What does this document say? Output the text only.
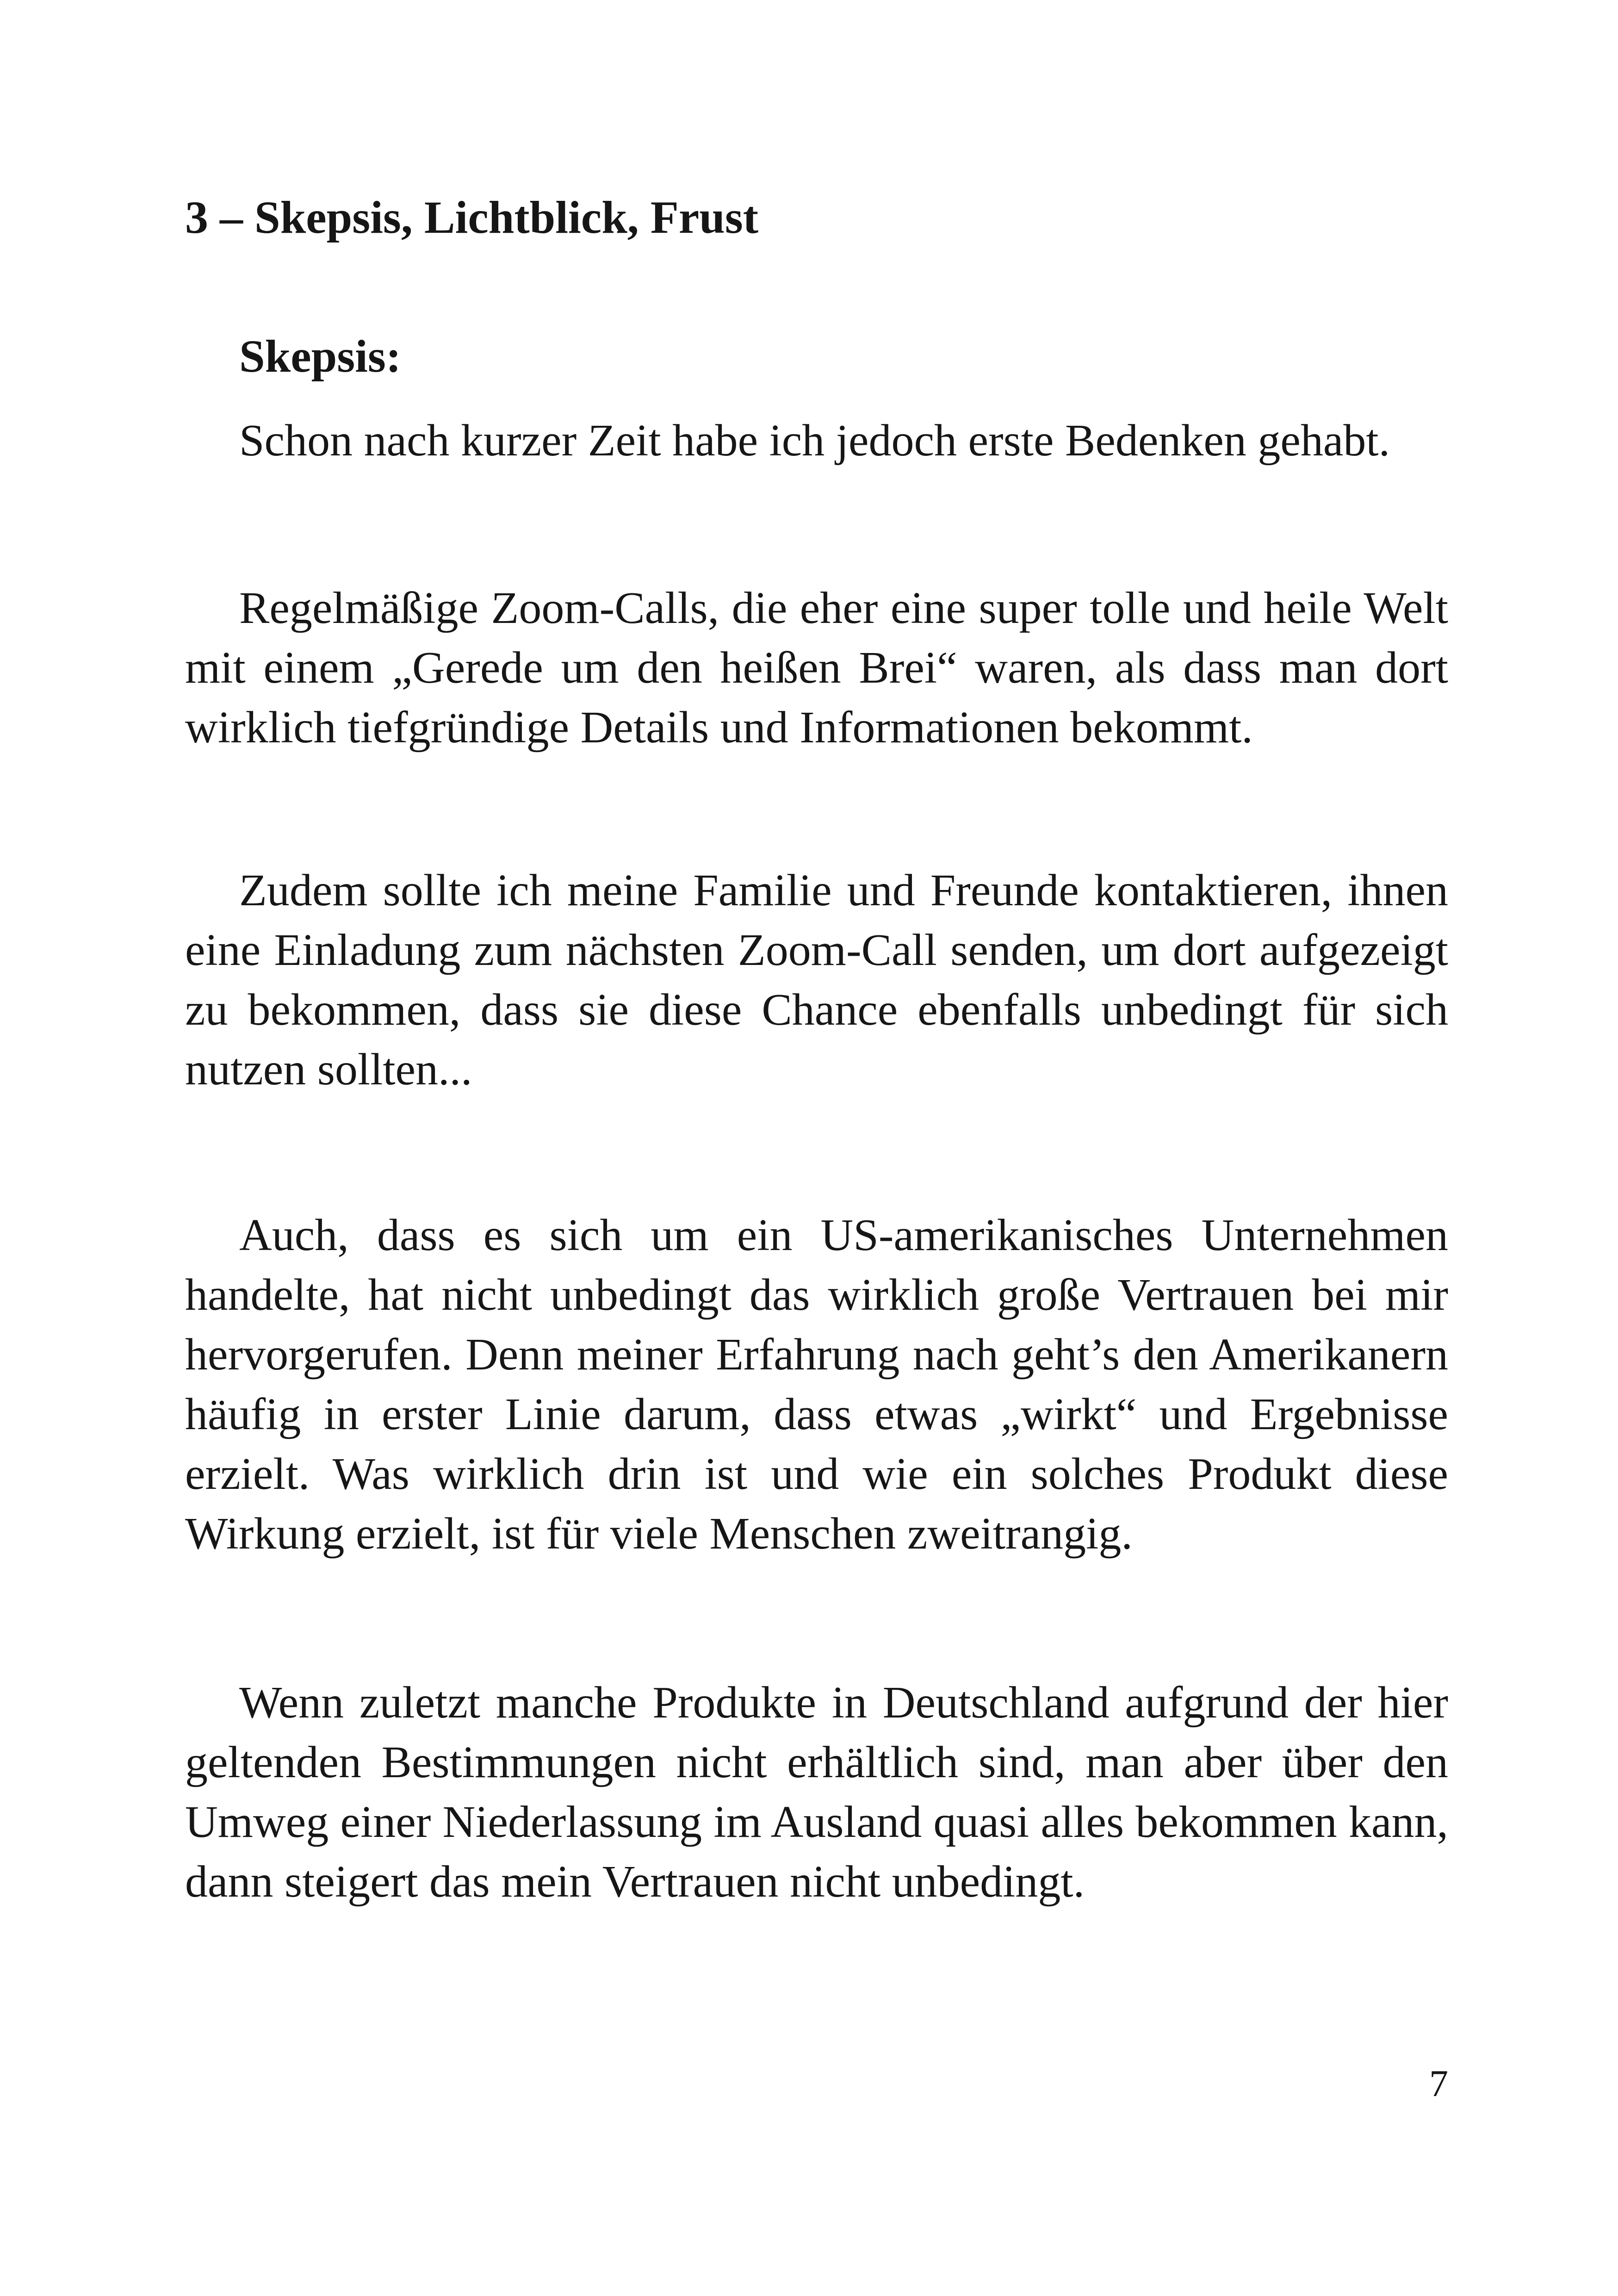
3 – Skepsis, Lichtblick, Frust
Skepsis:

Schon nach kurzer Zeit habe ich jedoch erste Bedenken gehabt.

Regelmäßige Zoom-Calls, die eher eine super tolle und heile Welt mit einem „Gerede um den heißen Brei“ waren, als dass man dort wirklich tiefgründige Details und Informationen bekommt.

Zudem sollte ich meine Familie und Freunde kontaktieren, ihnen eine Einladung zum nächsten Zoom-Call senden, um dort aufgezeigt zu bekommen, dass sie diese Chance ebenfalls unbedingt für sich nutzen sollten...

Auch, dass es sich um ein US-amerikanisches Unternehmen handelte, hat nicht unbedingt das wirklich große Vertrauen bei mir hervorgerufen. Denn meiner Erfahrung nach geht’s den Amerikanern häufig in erster Linie darum, dass etwas „wirkt“ und Ergebnisse erzielt. Was wirklich drin ist und wie ein solches Produkt diese Wirkung erzielt, ist für viele Menschen zweitrangig.

Wenn zuletzt manche Produkte in Deutschland aufgrund der hier geltenden Bestimmungen nicht erhältlich sind, man aber über den Umweg einer Niederlassung im Ausland quasi alles bekommen kann, dann steigert das mein Vertrauen nicht unbedingt.

7
